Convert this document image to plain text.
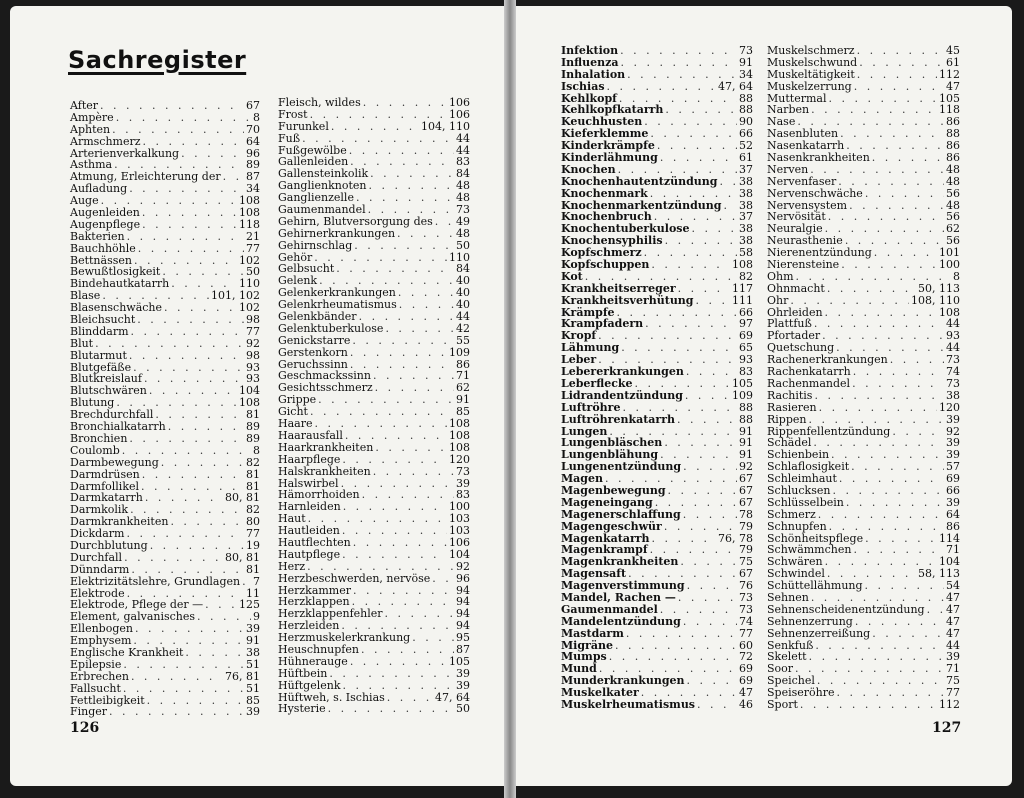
Sachregister
After . . .	67
Ampère . . .	8
Aphten . . .	70
Armschmerz . . .	64
Arterienverkalkung . . .	96
Asthma . . .	89
Atmung, Erleichterung der . . . 87
Aufladung . . .	34
Auge . . .	108
Augenleiden . . .	108
Augenpflege . . .	118
Bakterien . . .	21
Bauchhöhle . . .	77
Bettnässen . . .	102
Bewußtlosigkeit . . .	50
Bindehautkatarrh . . .	110
Blase . . .	101, 102
Blasenschwäche . . .	102
Bleichsucht . . .	98
Blinddarm . . .	77
Blut . . .	92
Blutarmut . . .	98
Blutgefäße . . .	93
Blutkreislauf . . .	93
Blutschwären . . .	104
Blutung . . .	108
Brechdurchfall . . .	81
Bronchialkatarrh . . .	89
Bronchien . . .	89
Coulomb . . .	8
Darmbewegung . . .	82
Darmdrüsen . . .	81
Darmfollikel . . .	81
Darmkatarrh . . .	80, 81
Darmkolik . . .	82
Darmkrankheiten . . .	80
Dickdarm . . .	77
Durchblutung . . .	19
Durchfall . . .	80, 81
Dünndarm . . .	81
Elektrizitätslehre, Grundlagen . . . 7
Elektrode . . .	11
Elektrode, Pflege der — . . .	125
Element, galvanisches . . .	9
Ellenbogen . . .	39
Emphysem . . .	91
Englische Krankheit . . .	38
Epilepsie . . .	51
Erbrechen . . .	76, 81
Fallsucht . . .	51
Fettleibigkeit . . .	85
Finger . . .	39
Fleisch, wildes . . .	106
Frost . . .	106
Furunkel . . .	104, 110
Fuß . . .	44
Fußgewölbe . . .	44
Gallenleiden . . .	83
Gallensteinkolik . . .	84
Ganglienknoten . . .	48
Ganglienzelle . . .	48
Gaumenmandel . . .	73
Gehirn, Blutversorgung des . . . 49
Gehirnerkrankungen . . .	48
Gehirnschlag . . .	50
Gehör . . .	110
Gelbsucht . . .	84
Gelenk . . .	40
Gelenkerkrankungen . . .	40
Gelenkrheumatismus . . .	40
Gelenkbänder . . .	44
Gelenktuberkulose . . .	42
Genickstarre . . .	55
Gerstenkorn . . .	109
Geruchssinn . . .	86
Geschmackssinn . . .	71
Gesichtsschmerz . . .	62
Grippe . . .	91
Gicht . . .	85
Haare . . .	108
Haarausfall . . .	108
Haarkrankheiten . . .	108
Haarpflege . . .	120
Halskrankheiten . . .	73
Halswirbel . . .	39
Hämorrhoiden . . .	83
Harnleiden . . .	100
Haut . . .	103
Hautleiden . . .	103
Hautflechten . . .	106
Hautpflege . . .	104
Herz . . .	92
Herzbeschwerden, nervöse . . . 96
Herzkammer . . .	94
Herzklappen . . .	94
Herzklappenfehler . . .	94
Herzleiden . . .	94
Herzmuskelerkrankung . . .	95
Heuschnupfen . . .	87
Hühnerauge . . .	105
Hüftbein . . .	39
Hüftgelenk . . .	39
Hüftweh, s. Ischias . . .	47, 64
Hysterie . . .	50
126
Infektion . . .	73
Influenza . . .	91
Inhalation . . .	34
Ischias . . .	47, 64
Kehlkopf . . .	88
Kehlkopfkatarrh . . .	88
Keuchhusten . . .	90
Kieferklemme . . .	66
Kinderkrämpfe . . .	52
Kinderlähmung . . .	61
Knochen . . .	37
Knochenhautentzündung . . . 38
Knochenmark . . .	38
Knochenmarkentzündung . . . 38
Knochenbruch . . .	37
Knochentuberkulose . . .	38
Knochensyphilis . . .	38
Kopfschmerz . . .	58
Kopfschuppen . . .	108
Kot . . .	82
Krankheitserreger . . .	117
Krankheitsverhütung . . .	111
Krämpfe . . .	66
Krampfadern . . .	97
Kropf . . .	69
Lähmung . . .	65
Leber . . .	93
Lebererkrankungen . . .	83
Leberflecke . . .	105
Lidrandentzündung . . .	109
Luftröhre . . .	88
Luftröhrenkatarrh . . .	88
Lungen . . .	91
Lungenbläschen . . .	91
Lungenblähung . . .	91
Lungenentzündung . . .	92
Magen . . .	67
Magenbewegung . . .	67
Mageneingang . . .	67
Magenerschlaffung . . .	78
Magengeschwür . . .	79
Magenkatarrh . . .	76, 78
Magenkrampf . . .	79
Magenkrankheiten . . .	75
Magensaft . . .	67
Magenverstimmung . . .	76
Mandel, Rachen — . . .	73
Gaumenmandel . . .	73
Mandelentzündung . . .	74
Mastdarm . . .	77
Migräne . . .	60
Mumps . . .	72
Mund . . .	69
Munderkrankungen . . .	69
Muskelkater . . .	47
Muskelrheumatismus . . .	46
Muskelschmerz . . .	45
Muskelschwund . . .	61
Muskeltätigkeit . . .	112
Muskelzerrung . . .	47
Muttermal . . .	105
Narben . . .	118
Nase . . .	86
Nasenbluten . . .	88
Nasenkatarrh . . .	86
Nasenkrankheiten . . .	86
Nerven . . .	48
Nervenfaser . . .	48
Nervenschwäche . . .	56
Nervensystem . . .	48
Nervösität . . .	56
Neuralgie . . .	62
Neurasthenie . . .	56
Nierenentzündung . . .	101
Nierensteine . . .	100
Ohm . . .	8
Ohnmacht . . .	50, 113
Ohr . . .	108, 110
Ohrleiden . . .	108
Plattfuß . . .	44
Pfortader . . .	93
Quetschung . . .	44
Rachenerkrankungen . . .	73
Rachenkatarrh . . .	74
Rachenmandel . . .	73
Rachitis . . .	38
Rasieren . . .	120
Rippen . . .	39
Rippenfellentzündung . . .	92
Schädel . . .	39
Schienbein . . .	39
Schlaflosigkeit . . .	57
Schleimhaut . . .	69
Schlucksen . . .	66
Schlüsselbein . . .	39
Schmerz . . .	64
Schnupfen . . .	86
Schönheitspflege . . .	114
Schwämmchen . . .	71
Schwären . . .	104
Schwindel . . .	58, 113
Schüttellähmung . . .	54
Sehnen . . .	47
Sehnenscheidenentzündung . . . 47
Sehnenzerrung . . .	47
Sehnenzerreißung . . .	47
Senkfuß . . .	44
Skelett . . .	39
Soor . . .	71
Speichel . . .	75
Speiseröhre . . .	77
Sport . . .	112
127
